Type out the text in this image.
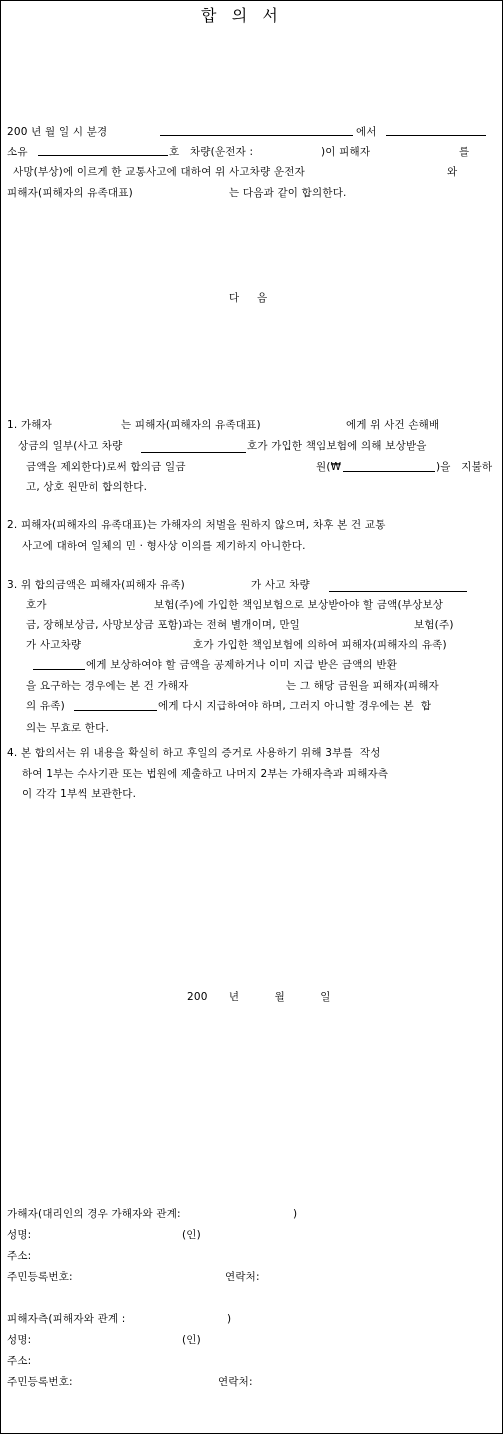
합   의   서
200 년 월 일 시 분경	에서
소유	호   차량(운전자 :	)이 피해자	를
사망(부상)에 이르게 한 교통사고에 대하여 위 사고차량 운전자	와
피해자(피해자의 유족대표)	는 다음과 같이 합의한다.
다     음
1. 가해자	는 피해자(피해자의 유족대표)	에게 위 사건 손해배
상금의 일부(사고 차량	호가 가입한 책임보험에 의해 보상받을
금액을 제외한다)로써 합의금 일금	원(₩	)을   지불하
고, 상호 원만히 합의한다.
2. 피해자(피해자의 유족대표)는 가해자의 처벌을 원하지 않으며, 차후 본 건 교통
사고에 대하여 일체의 민 · 형사상 이의를 제기하지 아니한다.
3. 위 합의금액은 피해자(피해자 유족)	가 사고 차량
호가	보험(주)에 가입한 책임보험으로 보상받아야 할 금액(부상보상
금, 장해보상금, 사망보상금 포함)과는 전혀 별개이며, 만일	보험(주)
가 사고차량	호가 가입한 책임보험에 의하여 피해자(피해자의 유족)
에게 보상하여야 할 금액을 공제하거나 이미 지급 받은 금액의 반환
을 요구하는 경우에는 본 건 가해자	는 그 해당 금원을 피해자(피해자
의 유족)	에게 다시 지급하여야 하며, 그러지 아니할 경우에는 본  합
의는 무효로 한다.
4. 본 합의서는 위 내용을 확실히 하고 후일의 증거로 사용하기 위해 3부를  작성
하여 1부는 수사기관 또는 법원에 제출하고 나머지 2부는 가해자측과 피해자측
이 각각 1부씩 보관한다.
200      년          월          일
가해자(대리인의 경우 가해자와 관계:	)
성명:	(인)
주소:
주민등록번호:	연락처:
피해자측(피해자와 관계 :	)
성명:	(인)
주소:
주민등록번호:	연락처:
